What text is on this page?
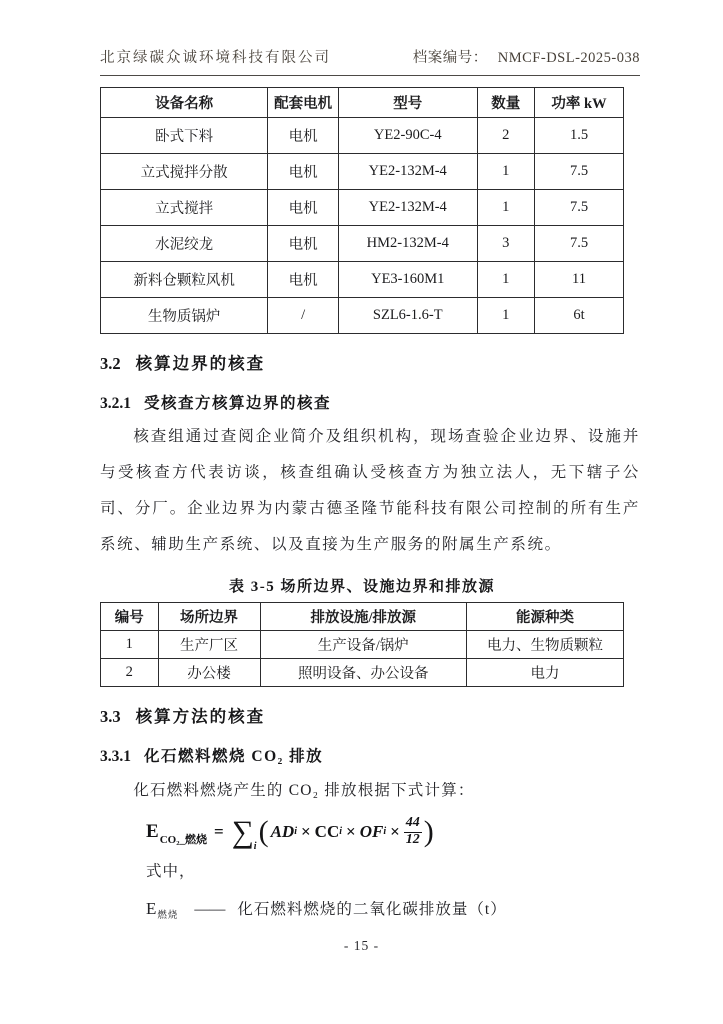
北京绿碳众诚环境科技有限公司	档案编号： NMCF-DSL-2025-038
设备名称	配套电机	型号	数量	功率 kW
卧式下料	电机	YE2-90C-4	2	1.5
立式搅拌分散	电机	YE2-132M-4	1	7.5
立式搅拌	电机	YE2-132M-4	1	7.5
水泥绞龙	电机	HM2-132M-4	3	7.5
新料仓颗粒风机	电机	YE3-160M1	1	11
生物质锅炉	/	SZL6-1.6-T	1	6t
3.2 核算边界的核查
3.2.1 受核查方核算边界的核查

核查组通过查阅企业简介及组织机构，现场查验企业边界、设施并与受核查方代表访谈，核查组确认受核查方为独立法人，无下辖子公司、分厂。企业边界为内蒙古德圣隆节能科技有限公司控制的所有生产系统、辅助生产系统、以及直接为生产服务的附属生产系统。

表 3-5 场所边界、设施边界和排放源
编号	场所边界	排放设施/排放源	能源种类
1	生产厂区	生产设备/锅炉	电力、生物质颗粒
2	办公楼	照明设备、办公设备	电力
3.3 核算方法的核查
3.3.1 化石燃料燃烧 CO₂ 排放

化石燃料燃烧产生的 CO₂ 排放根据下式计算：

$E_{CO_2\_燃烧}$ = ∑ i ( AD i × CC i × OF $i \times \frac{44}{12}$ )
式中，
$E_{燃烧}$ —— 化石燃料燃烧的二氧化碳排放量（t）
- 15 -
